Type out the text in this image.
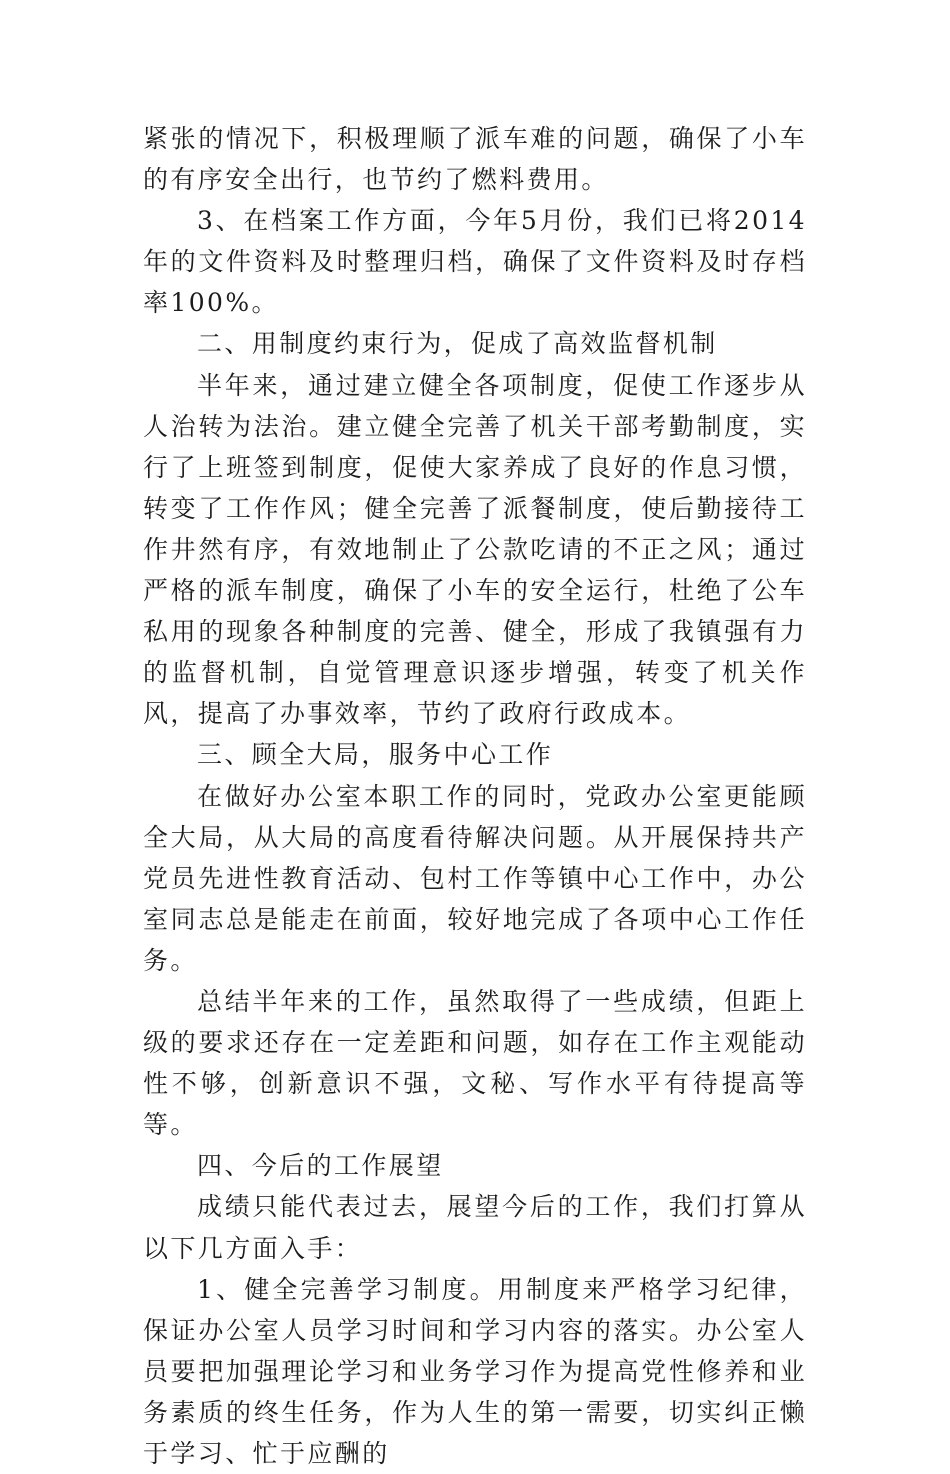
紧张的情况下，积极理顺了派车难的问题，确保了小车的有序安全出行，也节约了燃料费用。

3、在档案工作方面，今年5月份，我们已将2014年的文件资料及时整理归档，确保了文件资料及时存档率100%。

二、用制度约束行为，促成了高效监督机制

半年来，通过建立健全各项制度，促使工作逐步从人治转为法治。建立健全完善了机关干部考勤制度，实行了上班签到制度，促使大家养成了良好的作息习惯，转变了工作作风；健全完善了派餐制度，使后勤接待工作井然有序，有效地制止了公款吃请的不正之风；通过严格的派车制度，确保了小车的安全运行，杜绝了公车私用的现象各种制度的完善、健全，形成了我镇强有力的监督机制，自觉管理意识逐步增强，转变了机关作风，提高了办事效率，节约了政府行政成本。

三、顾全大局，服务中心工作

在做好办公室本职工作的同时，党政办公室更能顾全大局，从大局的高度看待解决问题。从开展保持共产党员先进性教育活动、包村工作等镇中心工作中，办公室同志总是能走在前面，较好地完成了各项中心工作任务。

总结半年来的工作，虽然取得了一些成绩，但距上级的要求还存在一定差距和问题，如存在工作主观能动性不够，创新意识不强，文秘、写作水平有待提高等等。

四、今后的工作展望

成绩只能代表过去，展望今后的工作，我们打算从以下几方面入手：

1、健全完善学习制度。用制度来严格学习纪律，保证办公室人员学习时间和学习内容的落实。办公室人员要把加强理论学习和业务学习作为提高党性修养和业务素质的终生任务，作为人生的第一需要，切实纠正懒于学习、忙于应酬的
